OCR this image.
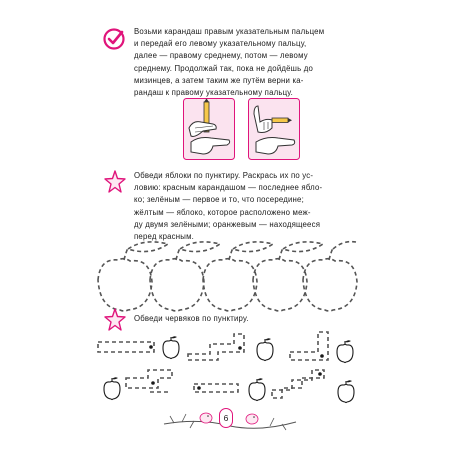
Возьми карандаш правым указательным пальцем
и передай его левому указательному пальцу,
далее — правому среднему, потом — левому
среднему. Продолжай так, пока не дойдёшь до
мизинцев, а затем таким же путём верни ка-
рандаш к правому указательному пальцу.
Обведи яблоки по пунктиру. Раскрась их по ус-
ловию: красным карандашом — последнее ябло-
ко; зелёным — первое и то, что посередине;
жёлтым — яблоко, которое расположено меж-
ду двумя зелёными; оранжевым — находящееся
перед красным.
Обведи червяков по пунктиру.
6
